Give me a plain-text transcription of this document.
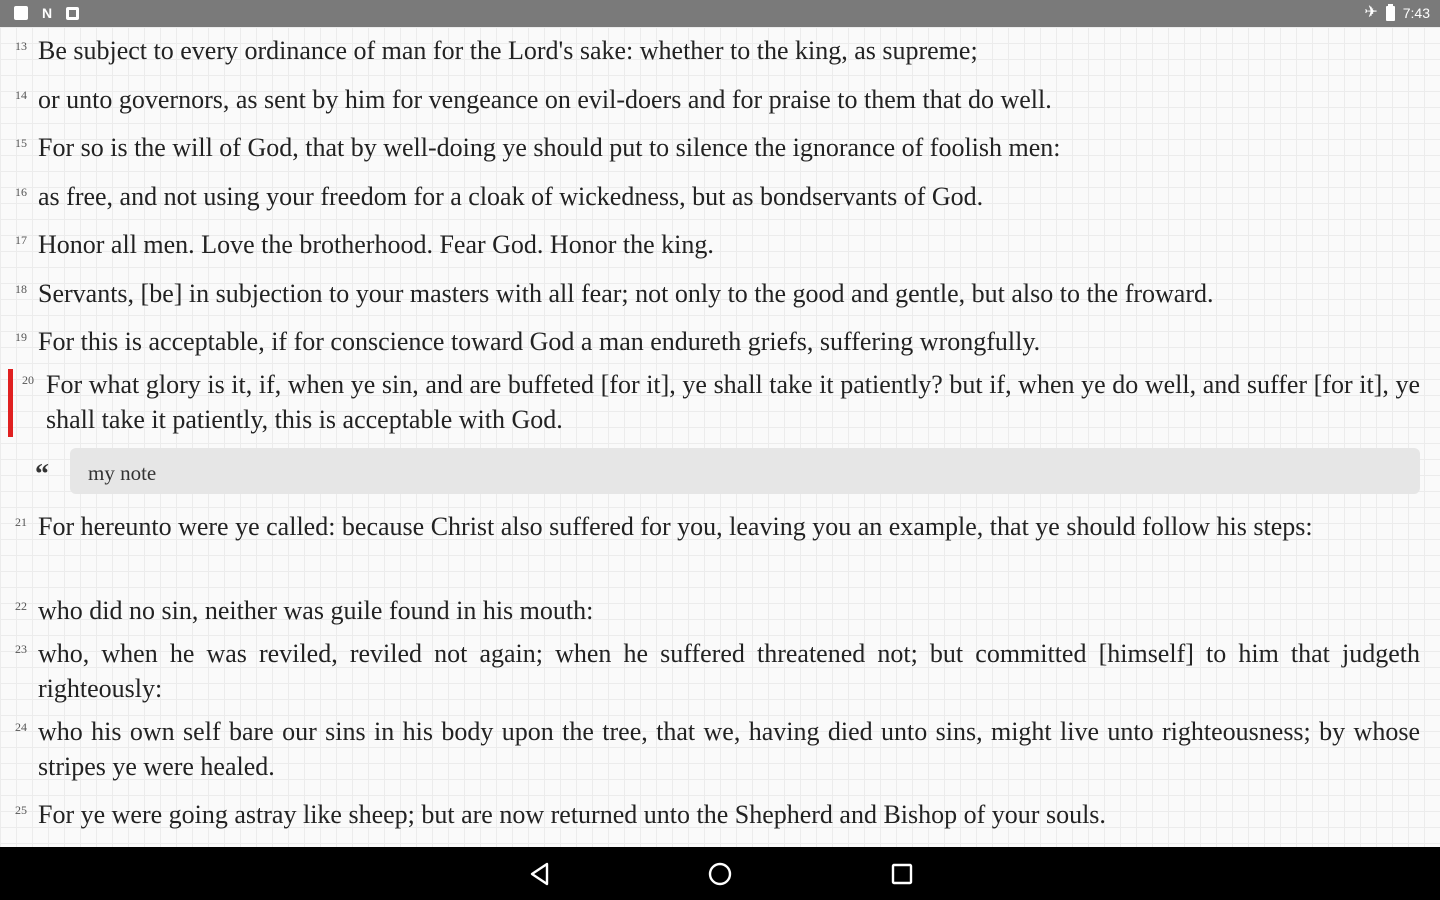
N	✈ 7:43
13 Be subject to every ordinance of man for the Lord's sake: whether to the king, as supreme;
14 or unto governors, as sent by him for vengeance on evil-doers and for praise to them that do well.
15 For so is the will of God, that by well-doing ye should put to silence the ignorance of foolish men:
16 as free, and not using your freedom for a cloak of wickedness, but as bondservants of God.
17 Honor all men. Love the brotherhood. Fear God. Honor the king.
18 Servants, [be] in subjection to your masters with all fear; not only to the good and gentle, but also to the froward.
19 For this is acceptable, if for conscience toward God a man endureth griefs, suffering wrongfully.
20 For what glory is it, if, when ye sin, and are buffeted [for it], ye shall take it patiently? but if, when ye do well, and suffer [for it], ye shall take it patiently, this is acceptable with God.
“	my note
21 For hereunto were ye called: because Christ also suffered for you, leaving you an example, that ye should follow his steps:
22 who did no sin, neither was guile found in his mouth:
23 who, when he was reviled, reviled not again; when he suffered threatened not; but committed [himself] to him that judgeth righteously:
24 who his own self bare our sins in his body upon the tree, that we, having died unto sins, might live unto righteousness; by whose stripes ye were healed.
25 For ye were going astray like sheep; but are now returned unto the Shepherd and Bishop of your souls.
